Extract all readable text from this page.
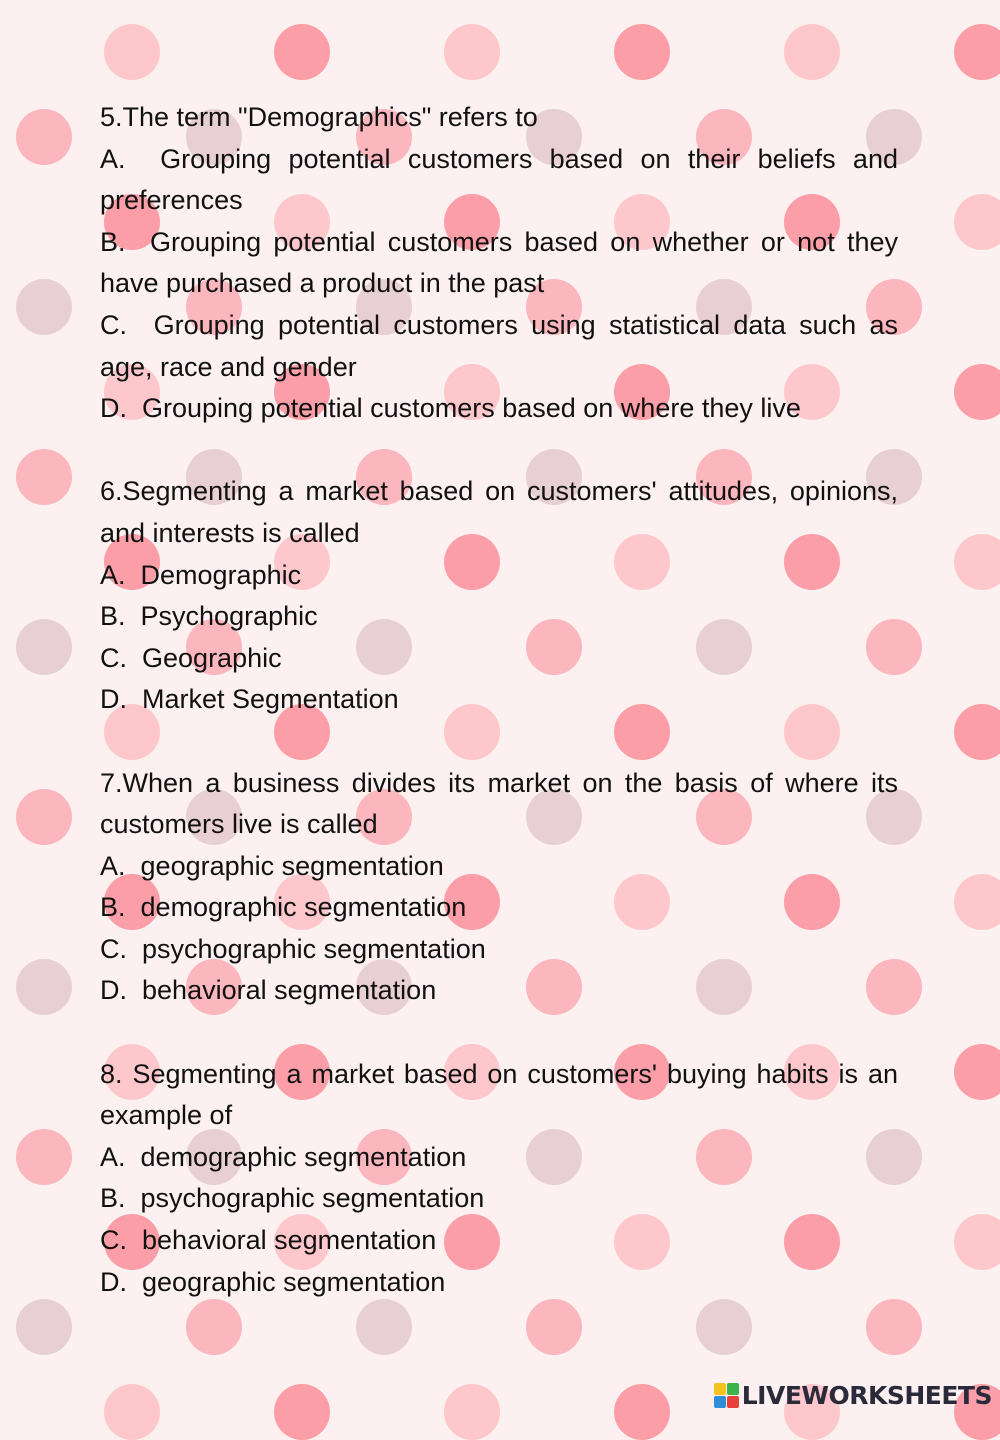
5.The term "Demographics" refers to

A. Grouping potential customers based on their beliefs and preferences

B. Grouping potential customers based on whether or not they have purchased a product in the past

C. Grouping potential customers using statistical data such as age, race and gender

D. Grouping potential customers based on where they live

6.Segmenting a market based on customers' attitudes, opinions, and interests is called

A. Demographic

B. Psychographic

C. Geographic

D. Market Segmentation

7.When a business divides its market on the basis of where its customers live is called

A. geographic segmentation

B. demographic segmentation

C. psychographic segmentation

D. behavioral segmentation

8. Segmenting a market based on customers' buying habits is an example of

A. demographic segmentation

B. psychographic segmentation

C. behavioral segmentation

D. geographic segmentation

LIVEWORKSHEETS
